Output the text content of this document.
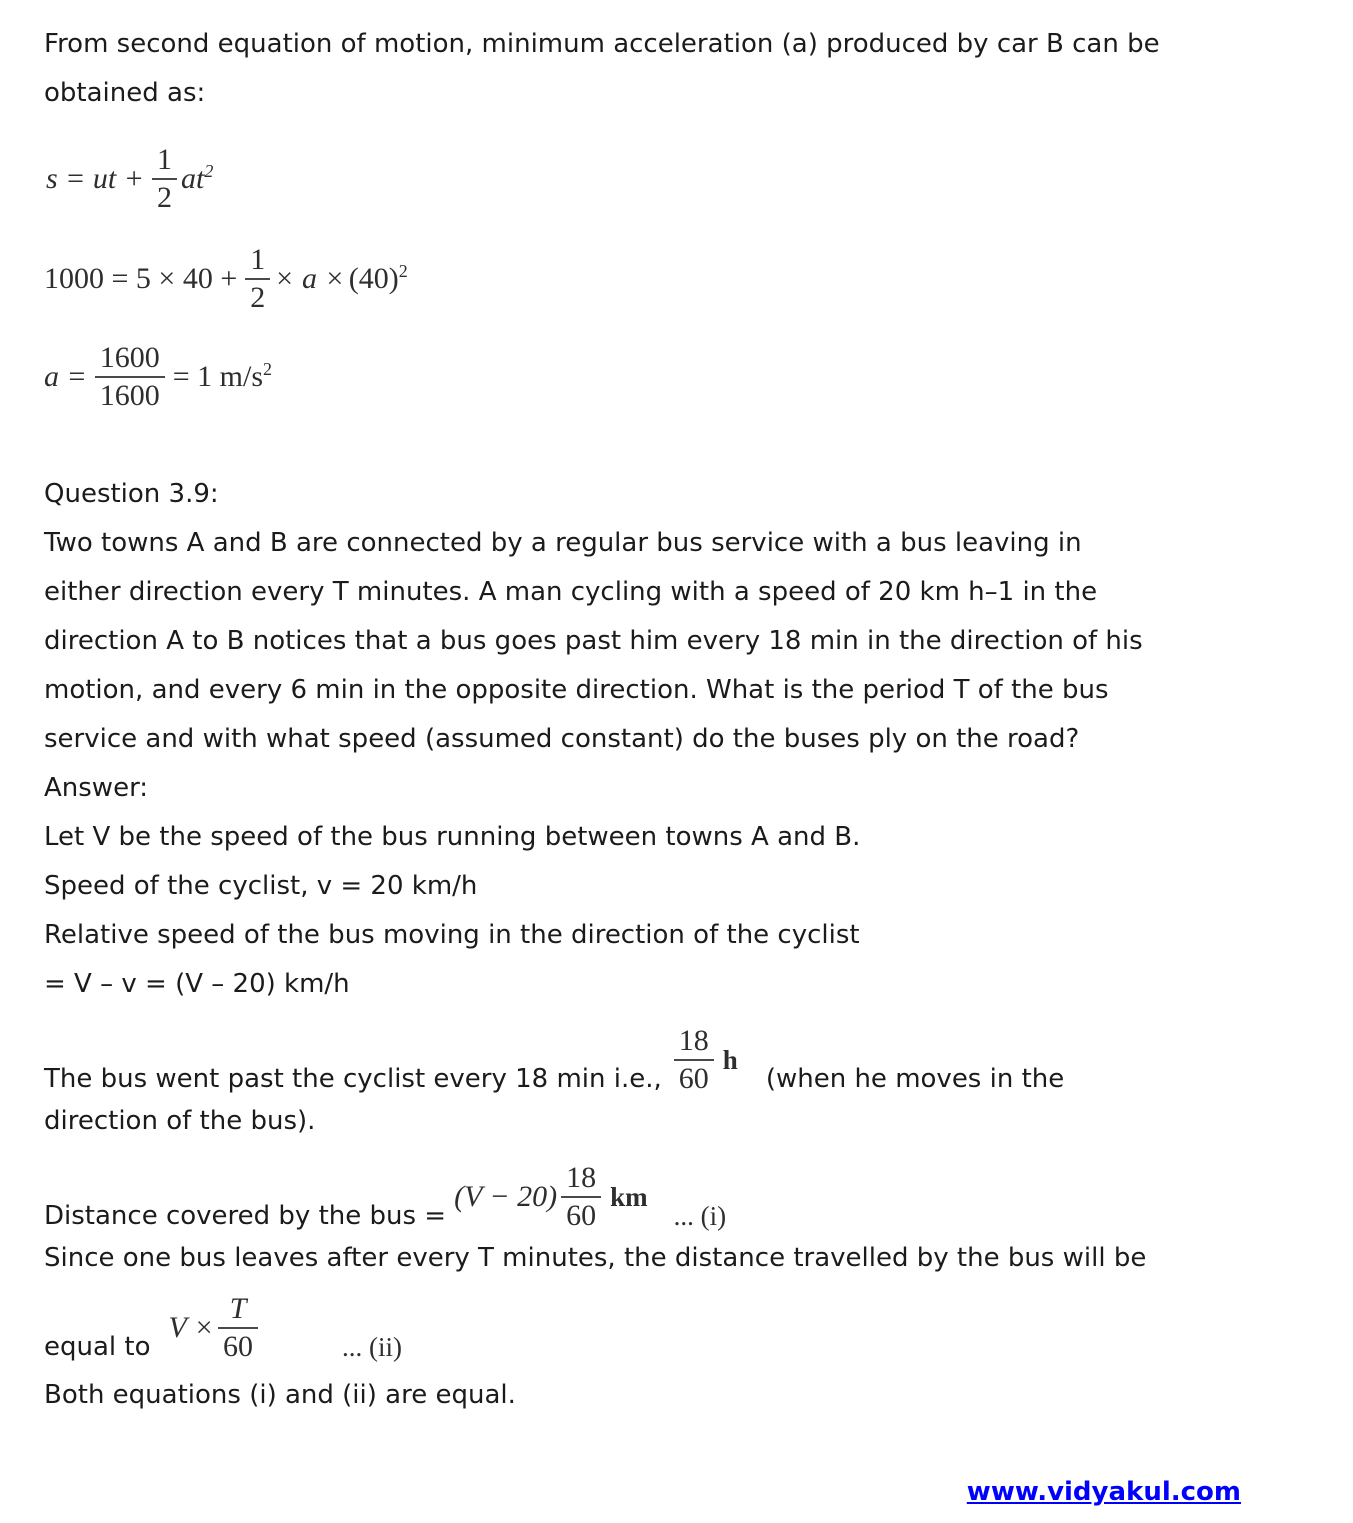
From second equation of motion, minimum acceleration (a) produced by car B can be
obtained as:
s = ut + $\frac{1}{2} at^2$
$1000 = 5 \times 40 + \frac{1}{2} \times a \times (40)^2$
$a = \frac{1600}{1600} = 1$ $m/s^2$
Question 3.9:
Two towns A and B are connected by a regular bus service with a bus leaving in
either direction every T minutes. A man cycling with a speed of 20 km h–1 in the
direction A to B notices that a bus goes past him every 18 min in the direction of his
motion, and every 6 min in the opposite direction. What is the period T of the bus
service and with what speed (assumed constant) do the buses ply on the road?
Answer:
Let V be the speed of the bus running between towns A and B.
Speed of the cyclist, v = 20 km/h
Relative speed of the bus moving in the direction of the cyclist
= V – v = (V – 20) km/h
The bus went past the cyclist every 18 min i.e., $\frac{18}{60}$ h
(when he moves in the
direction of the bus).
Distance covered by the bus =
$(V - 20) \frac{18}{60}$ km
... (i)
Since one bus leaves after every T minutes, the distance travelled by the bus will be
equal to
$V \times \frac{T}{60}$	... (ii)
Both equations (i) and (ii) are equal.
www.vidyakul.com
